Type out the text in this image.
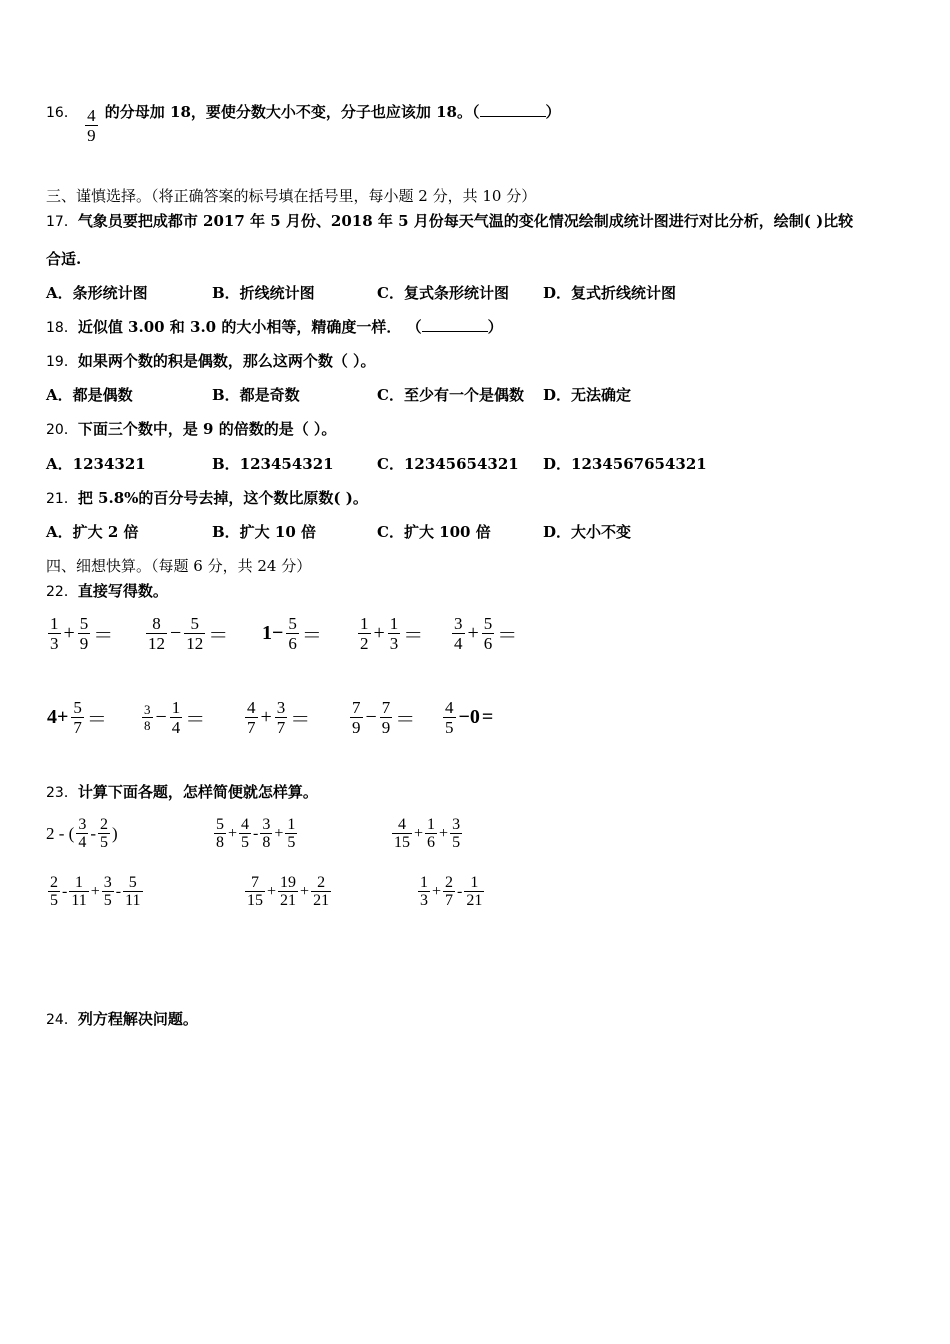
16． $\frac{4}{9}$ 的分母加 18，要使分数大小不变，分子也应该加 18。（	）
三、谨慎选择。（将正确答案的标号填在括号里，每小题 2 分，共 10 分）
17．气象员要把成都市 2017 年 5 月份、2018 年 5 月份每天气温的变化情况绘制成统计图进行对比分析，绘制( )比较
合适.
A．条形统计图	B．折线统计图	C．复式条形统计图 D．复式折线统计图
18．近似值 3.00 和 3.0 的大小相等，精确度一样． （	）
19．如果两个数的积是偶数，那么这两个数（ ）。
A．都是偶数	B．都是奇数	C．至少有一个是偶数 D．无法确定
20．下面三个数中，是 9 的倍数的是（ ）。
A．1234321	B．123454321	C．12345654321 D．1234567654321
21．把 5.8%的百分号去掉，这个数比原数( )。
A．扩大 2 倍	B．扩大 10 倍	C．扩大 100 倍	D．大小不变
四、细想快算。（每题 6 分，共 24 分）
22．直接写得数。
$\frac{1}{3} + \frac{5}{9} = \frac{8}{12} - \frac{5}{12} = 1- \frac{5}{6} = \frac{1}{2} + \frac{1}{3} = \frac{3}{4} + \frac{5}{6}$ ＝
$4+ \frac{5}{7}$ ＝	$\frac{3}{8} - \frac{1}{4} = \frac{4}{7} + \frac{3}{7} = \frac{7}{9} - \frac{7}{9} = \frac{4}{5} -0$ =
23．计算下面各题，怎样简便就怎样算。
2 - ( $\frac{3}{4} - \frac{2}{5}$ )	$\frac{5}{8} + \frac{4}{5} - \frac{3}{8} + \frac{1}{5}$	$\frac{4}{15} + \frac{1}{6} + \frac{3}{5}$
$\frac{2}{5} - \frac{1}{11} + \frac{3}{5} - \frac{5}{11}$	$\frac{7}{15} + \frac{19}{21} + \frac{2}{21}$	$\frac{1}{3} + \frac{2}{7} - \frac{1}{21}$
24．列方程解决问题。
